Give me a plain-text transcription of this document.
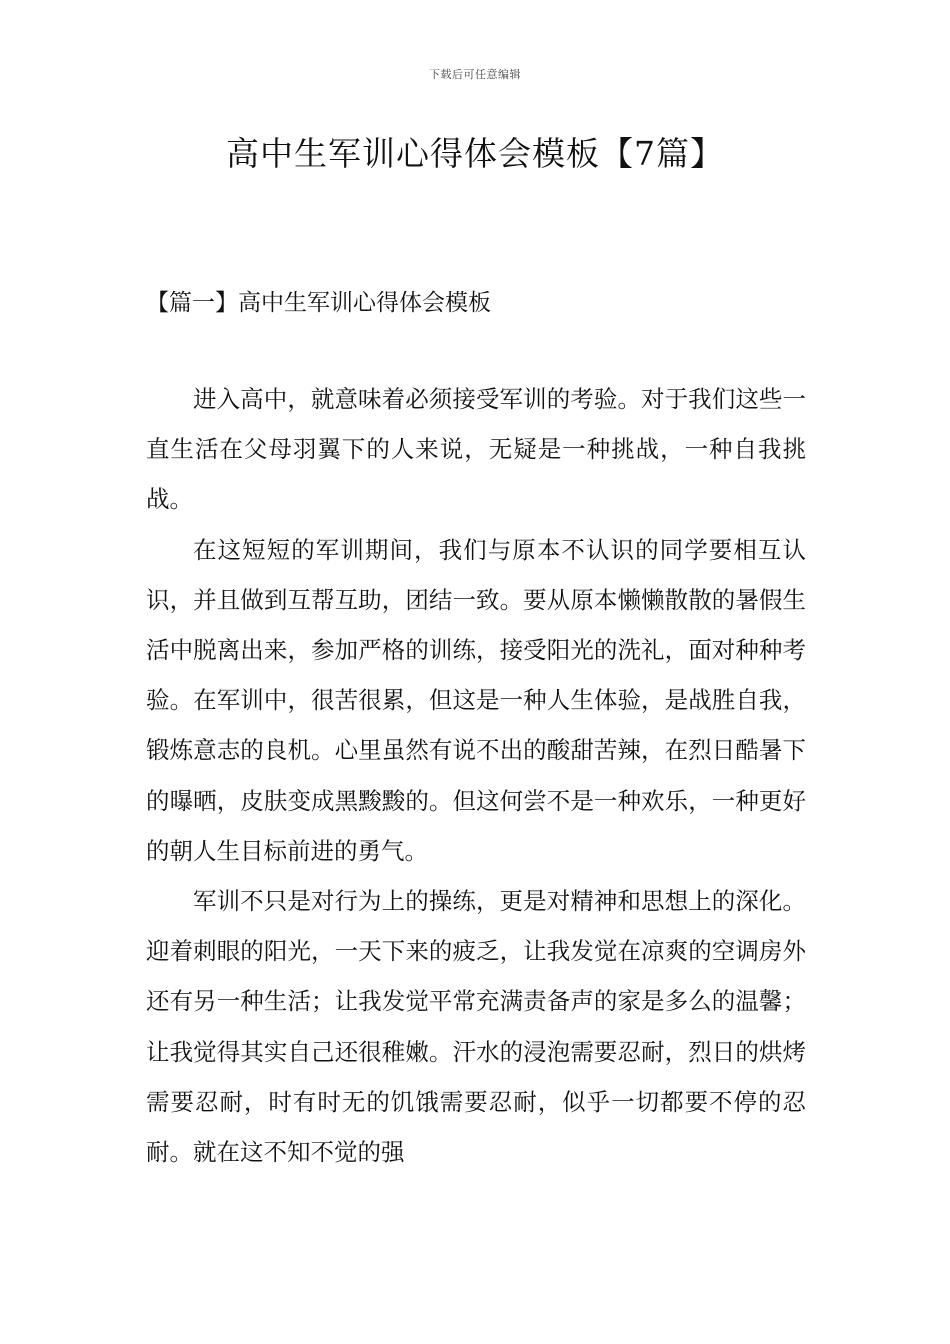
下载后可任意编辑
高中生军训心得体会模板【7篇】
【篇一】高中生军训心得体会模板

进入高中，就意味着必须接受军训的考验。对于我们这些一直生活在父母羽翼下的人来说，无疑是一种挑战，一种自我挑战。

在这短短的军训期间，我们与原本不认识的同学要相互认识，并且做到互帮互助，团结一致。要从原本懒懒散散的暑假生活中脱离出来，参加严格的训练，接受阳光的洗礼，面对种种考验。在军训中，很苦很累，但这是一种人生体验，是战胜自我，锻炼意志的良机。心里虽然有说不出的酸甜苦辣，在烈日酷暑下的曝晒，皮肤变成黑黢黢的。但这何尝不是一种欢乐，一种更好的朝人生目标前进的勇气。

军训不只是对行为上的操练，更是对精神和思想上的深化。迎着刺眼的阳光，一天下来的疲乏，让我发觉在凉爽的空调房外还有另一种生活；让我发觉平常充满责备声的家是多么的温馨；让我觉得其实自己还很稚嫩。汗水的浸泡需要忍耐，烈日的烘烤需要忍耐，时有时无的饥饿需要忍耐，似乎一切都要不停的忍耐。就在这不知不觉的强
